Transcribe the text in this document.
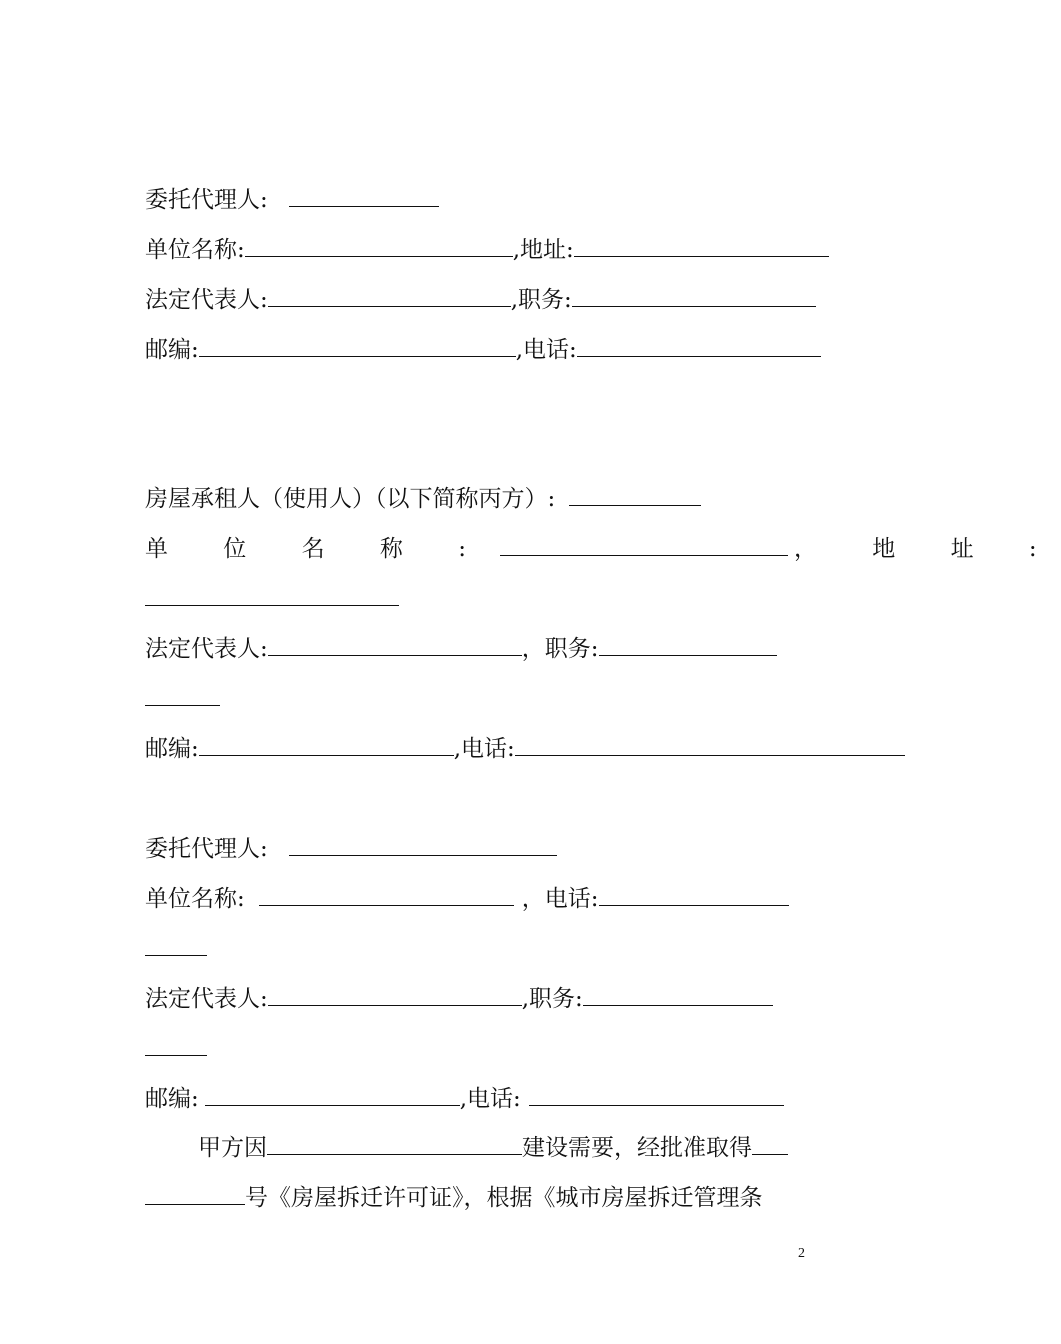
委托代理人:
单位名称:	,地址:
法定代表人:	,职务:
邮编:	,电话:
房屋承租人（使用人）（以下简称丙方）:
单 位 名 称 :	， 地 址 :
法定代表人:	，职务:
邮编:	,电话:
委托代理人:
单位名称:	，电话:
法定代表人:	,职务:
邮编:	,电话:
甲方因	建设需要，经批准取得
号《房屋拆迁许可证》，根据《城市房屋拆迁管理条
2
